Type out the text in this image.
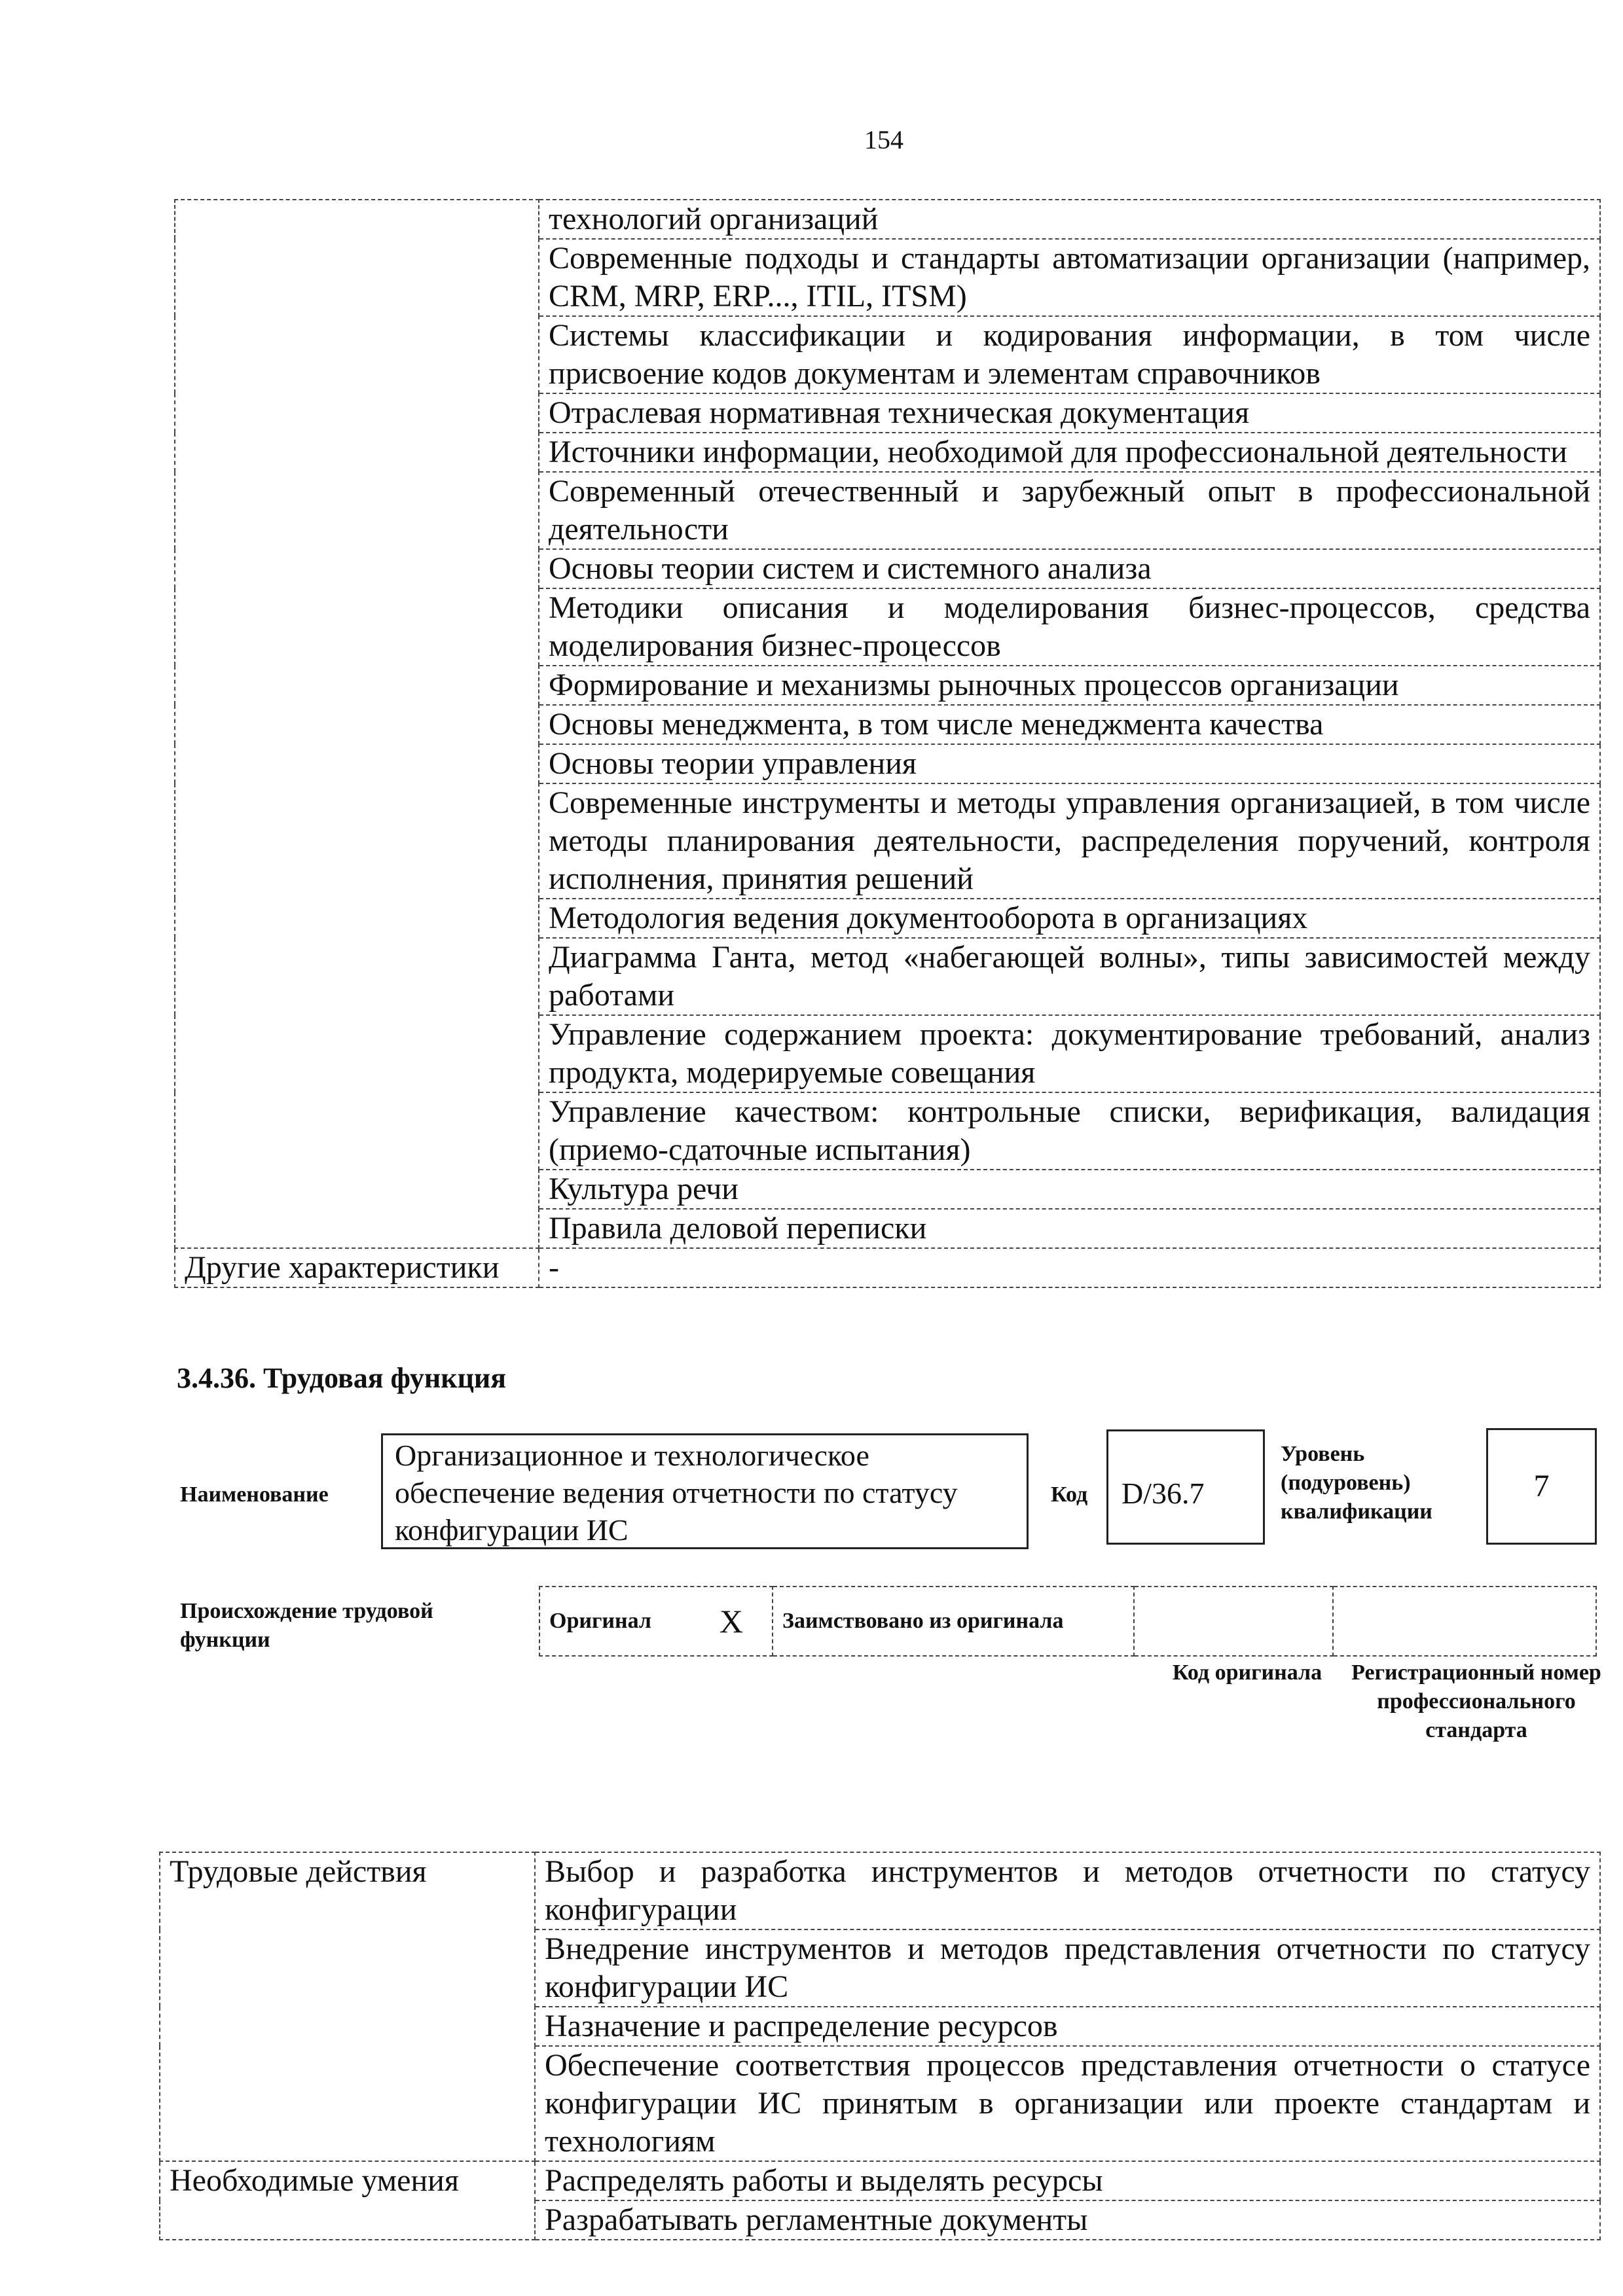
154
	технологий организаций
	Современные подходы и стандарты автоматизации организации (например, CRM, MRP, ERP..., ITIL, ITSM)
	Системы классификации и кодирования информации, в том числе присвоение кодов документам и элементам справочников
	Отраслевая нормативная техническая документация
	Источники информации, необходимой для профессиональной деятельности
	Современный отечественный и зарубежный опыт в профессиональной деятельности
	Основы теории систем и системного анализа
	Методики описания и моделирования бизнес-процессов, средства моделирования бизнес-процессов
	Формирование и механизмы рыночных процессов организации
	Основы менеджмента, в том числе менеджмента качества
	Основы теории управления
	Современные инструменты и методы управления организацией, в том числе методы планирования деятельности, распределения поручений, контроля исполнения, принятия решений
	Методология ведения документооборота в организациях
	Диаграмма Ганта, метод «набегающей волны», типы зависимостей между работами
	Управление содержанием проекта: документирование требований, анализ продукта, модерируемые совещания
	Управление качеством: контрольные списки, верификация, валидация (приемо-сдаточные испытания)
	Культура речи
	Правила деловой переписки
Другие характеристики	-
3.4.36. Трудовая функция
Наименование
Организационное и технологическое обеспечение ведения отчетности по статусу конфигурации ИС
Код	D/36.7
Уровень (подуровень) квалификации
7
Происхождение трудовой функции
Оригинал X	Заимствовано из оригинала		
Код оригинала	Регистрационный номер профессионального стандарта
Трудовые действия	Выбор и разработка инструментов и методов отчетности по статусу конфигурации
	Внедрение инструментов и методов представления отчетности по статусу конфигурации ИС
	Назначение и распределение ресурсов
	Обеспечение соответствия процессов представления отчетности о статусе конфигурации ИС принятым в организации или проекте стандартам и технологиям
Необходимые умения	Распределять работы и выделять ресурсы
	Разрабатывать регламентные документы
